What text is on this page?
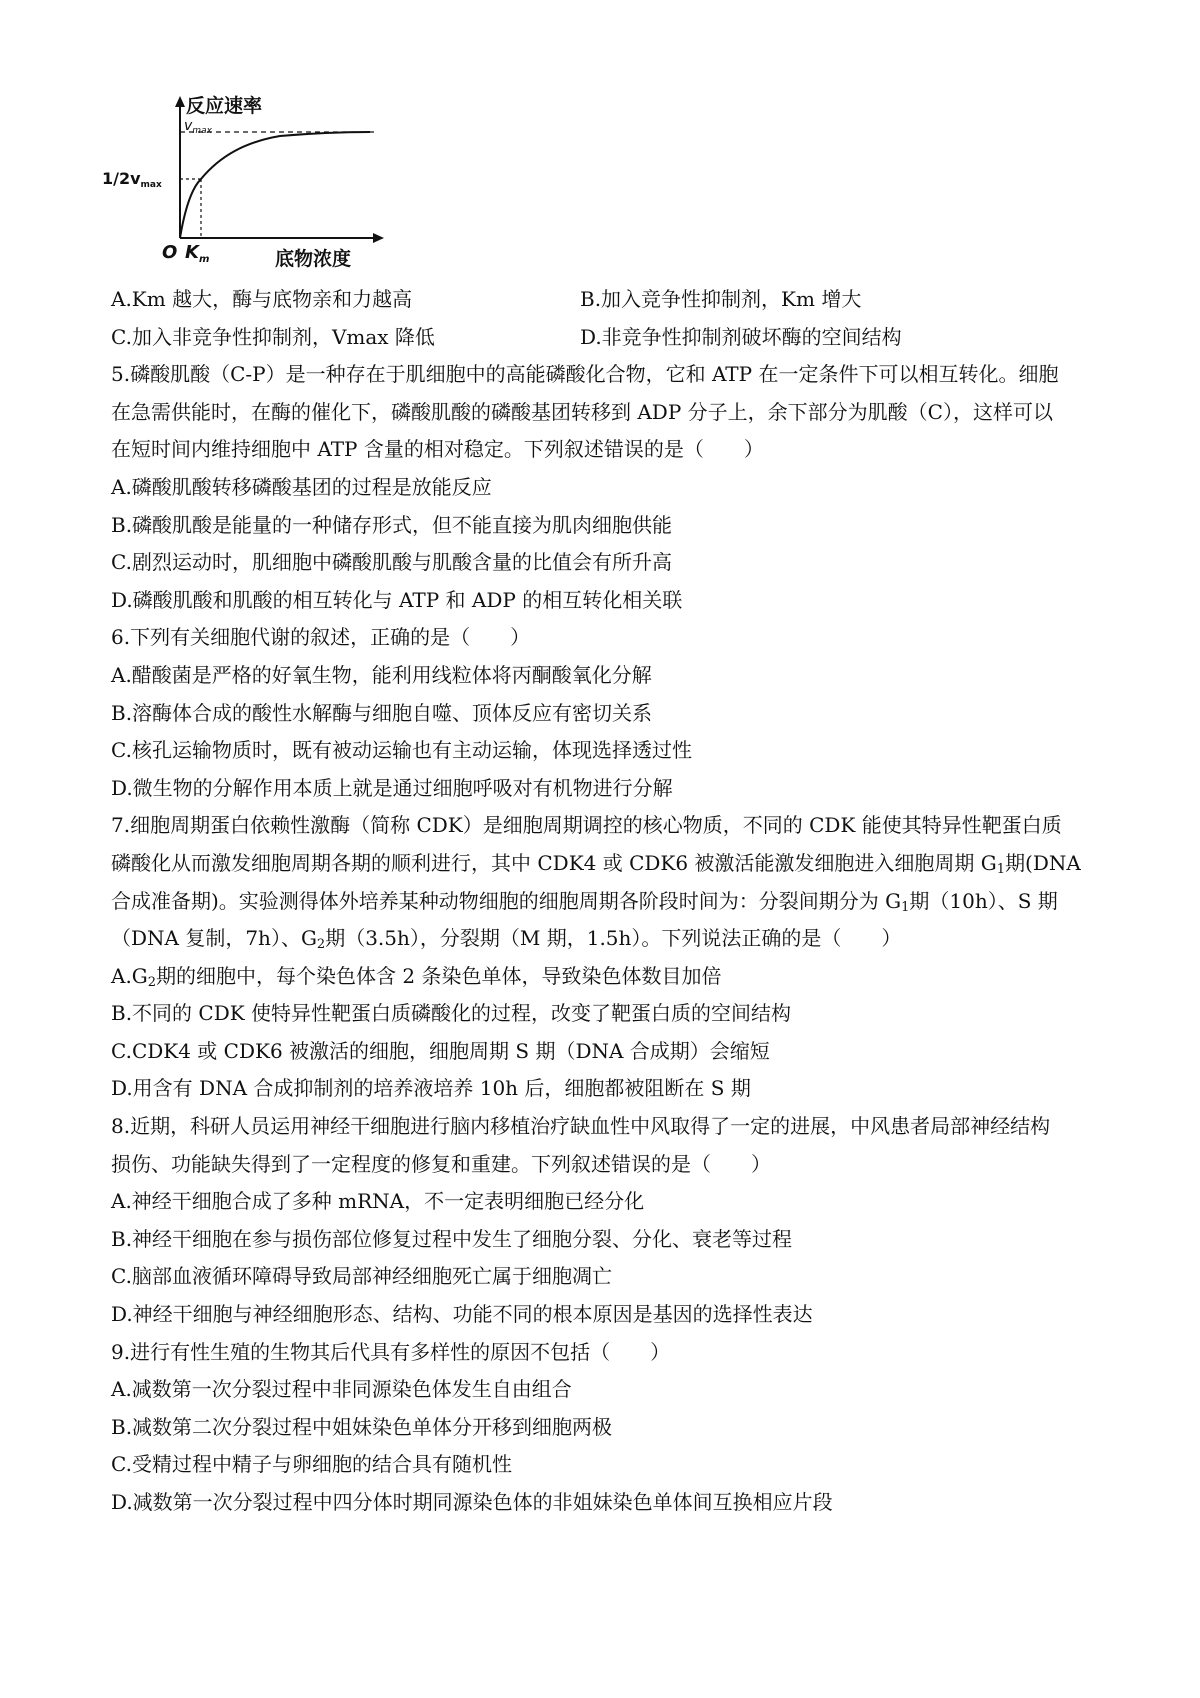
反应速率
$v_{max}$
1/2vmax
O $K_m$	底物浓度
A.Km 越大，酶与底物亲和力越高	B.加入竞争性抑制剂，Km 增大
C.加入非竞争性抑制剂，Vmax 降低	D.非竞争性抑制剂破坏酶的空间结构
5.磷酸肌酸（C-P）是一种存在于肌细胞中的高能磷酸化合物，它和 ATP 在一定条件下可以相互转化。细胞
在急需供能时，在酶的催化下，磷酸肌酸的磷酸基团转移到 ADP 分子上，余下部分为肌酸（C），这样可以
在短时间内维持细胞中 ATP 含量的相对稳定。下列叙述错误的是（　　）
A.磷酸肌酸转移磷酸基团的过程是放能反应
B.磷酸肌酸是能量的一种储存形式，但不能直接为肌肉细胞供能
C.剧烈运动时，肌细胞中磷酸肌酸与肌酸含量的比值会有所升高
D.磷酸肌酸和肌酸的相互转化与 ATP 和 ADP 的相互转化相关联
6.下列有关细胞代谢的叙述，正确的是（　　）
A.醋酸菌是严格的好氧生物，能利用线粒体将丙酮酸氧化分解
B.溶酶体合成的酸性水解酶与细胞自噬、顶体反应有密切关系
C.核孔运输物质时，既有被动运输也有主动运输，体现选择透过性
D.微生物的分解作用本质上就是通过细胞呼吸对有机物进行分解
7.细胞周期蛋白依赖性激酶（简称 CDK）是细胞周期调控的核心物质，不同的 CDK 能使其特异性靶蛋白质
磷酸化从而激发细胞周期各期的顺利进行，其中 CDK4 或 CDK6 被激活能激发细胞进入细胞周期 $G_1$期(DNA
合成准备期)。实验测得体外培养某种动物细胞的细胞周期各阶段时间为：分裂间期分为 $G_1$期（10h）、S 期
（DNA 复制，7h）、$G_2$期（3.5h），分裂期（M 期，1.5h）。下列说法正确的是（　　）
$A.G_2$期的细胞中，每个染色体含 2 条染色单体，导致染色体数目加倍
B.不同的 CDK 使特异性靶蛋白质磷酸化的过程，改变了靶蛋白质的空间结构
C.CDK4 或 CDK6 被激活的细胞，细胞周期 S 期（DNA 合成期）会缩短
D.用含有 DNA 合成抑制剂的培养液培养 10h 后，细胞都被阻断在 S 期
8.近期，科研人员运用神经干细胞进行脑内移植治疗缺血性中风取得了一定的进展，中风患者局部神经结构
损伤、功能缺失得到了一定程度的修复和重建。下列叙述错误的是（　　）
A.神经干细胞合成了多种 mRNA，不一定表明细胞已经分化
B.神经干细胞在参与损伤部位修复过程中发生了细胞分裂、分化、衰老等过程
C.脑部血液循环障碍导致局部神经细胞死亡属于细胞凋亡
D.神经干细胞与神经细胞形态、结构、功能不同的根本原因是基因的选择性表达
9.进行有性生殖的生物其后代具有多样性的原因不包括（　　）
A.减数第一次分裂过程中非同源染色体发生自由组合
B.减数第二次分裂过程中姐妹染色单体分开移到细胞两极
C.受精过程中精子与卵细胞的结合具有随机性
D.减数第一次分裂过程中四分体时期同源染色体的非姐妹染色单体间互换相应片段
